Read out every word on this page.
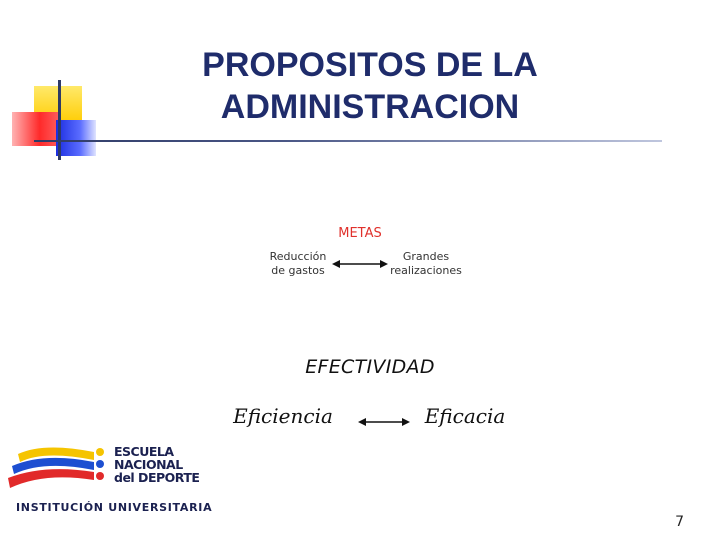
PROPOSITOS DE LA
ADMINISTRACION
METAS
Reducción
de gastos
Grandes
realizaciones
EFECTIVIDAD
Eficiencia	Eficacia
ESCUELA
NACIONAL
del DEPORTE
INSTITUCIÓN UNIVERSITARIA
7
